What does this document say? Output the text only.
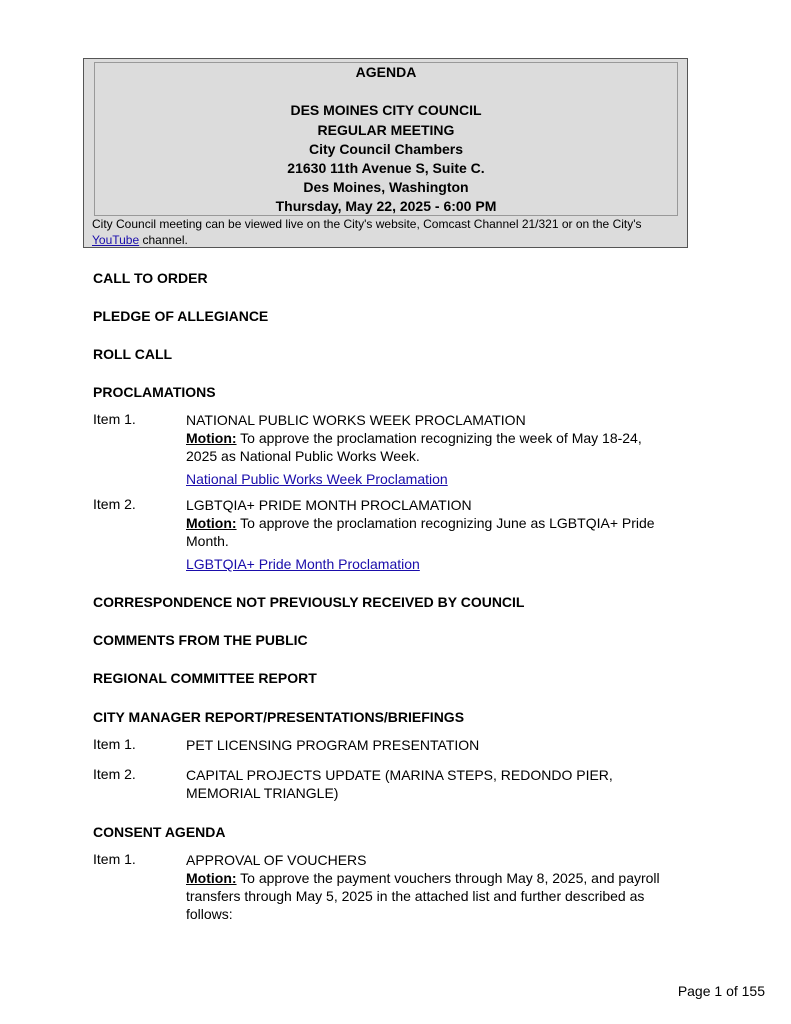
AGENDA
DES MOINES CITY COUNCIL
REGULAR MEETING
City Council Chambers
21630 11th Avenue S, Suite C.
Des Moines, Washington
Thursday, May 22, 2025 - 6:00 PM
City Council meeting can be viewed live on the City's website, Comcast Channel 21/321 or on the City's YouTube channel.
CALL TO ORDER
PLEDGE OF ALLEGIANCE
ROLL CALL
PROCLAMATIONS
Item 1.	NATIONAL PUBLIC WORKS WEEK PROCLAMATION
Motion: To approve the proclamation recognizing the week of May 18-24, 2025 as National Public Works Week.
National Public Works Week Proclamation
Item 2.	LGBTQIA+ PRIDE MONTH PROCLAMATION
Motion: To approve the proclamation recognizing June as LGBTQIA+ Pride Month.
LGBTQIA+ Pride Month Proclamation
CORRESPONDENCE NOT PREVIOUSLY RECEIVED BY COUNCIL
COMMENTS FROM THE PUBLIC
REGIONAL COMMITTEE REPORT
CITY MANAGER REPORT/PRESENTATIONS/BRIEFINGS
Item 1.	PET LICENSING PROGRAM PRESENTATION
Item 2.	CAPITAL PROJECTS UPDATE (MARINA STEPS, REDONDO PIER, MEMORIAL TRIANGLE)
CONSENT AGENDA
Item 1.	APPROVAL OF VOUCHERS
Motion: To approve the payment vouchers through May 8, 2025, and payroll transfers through May 5, 2025 in the attached list and further described as follows:
Page 1 of 155
